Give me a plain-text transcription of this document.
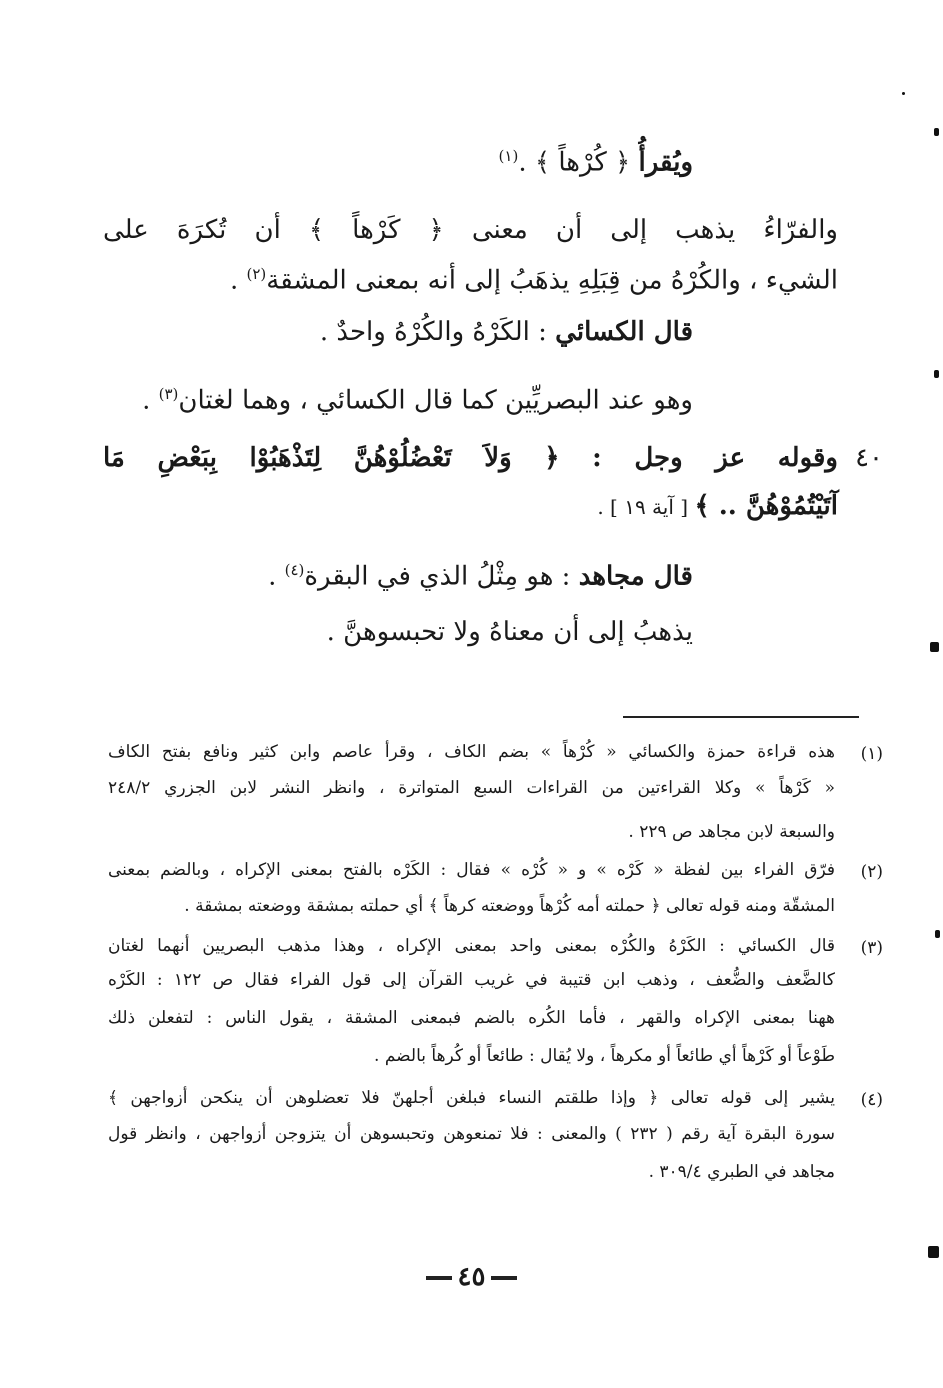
ويُقرأُ ﴿ كُرْهاً ﴾ .$^{(١)}$
والفرّاءُ يذهب إلى أن معنى ﴿ كَرْهاً ﴾ أن تُكرَهَ على
الشيء ، والكُرْهُ من قِبَلِهِ يذهَبُ إلى أنه بمعنى المشقة$^{(٢)}$ .
قال الكسائي : الكَرْهُ والكُرْهُ واحدٌ .
وهو عند البصريِّين كما قال الكسائي ، وهما لغتان$^{(٣)}$ .
٤٠
وقوله عز وجل : ﴿ وَلاَ تَعْضُلُوْهُنَّ لِتَذْهَبُوْا بِبَعْضِ مَا
آتَيْتُمُوْهُنَّ .. ﴾ [ آية ١٩ ] .
قال مجاهد : هو مِثْلُ الذي في البقرة$^{(٤)}$ .
يذهبُ إلى أن معناهُ ولا تحبسوهنَّ .
(١)
هذه قراءة حمزة والكسائي « كُرْهاً » بضم الكاف ، وقرأ عاصم وابن كثير ونافع بفتح الكاف
« كَرْهاً » وكلا القراءتين من القراءات السبع المتواترة ، وانظر النشر لابن الجزري ٢٤٨/٢
والسبعة لابن مجاهد ص ٢٢٩ .
(٢)
فرّق الفراء بين لفظة « كَرْه » و « كُرْه » فقال : الكَرْه بالفتح بمعنى الإكراه ، وبالضم بمعنى
المشقّة ومنه قوله تعالى ﴿ حملته أمه كُرْهاً ووضعته كرهاً ﴾ أي حملته بمشقة ووضعته بمشقة .
(٣)
قال الكسائي : الكَرْهُ والكُرْه بمعنى واحد بمعنى الإكراه ، وهذا مذهب البصريين أنهما لغتان
كالضَّعف والضُّعف ، وذهب ابن قتيبة في غريب القرآن إلى قول الفراء فقال ص ١٢٢ : الكَرْه
ههنا بمعنى الإكراه والقهر ، فأما الكُره بالضم فبمعنى المشقة ، يقول الناس : لتفعلن ذلك
طَوْعاً أو كَرْهاً أي طائعاً أو مكرهاً ، ولا يُقال : طائعاً أو كُرهاً بالضم .
(٤)
يشير إلى قوله تعالى ﴿ وإذا طلقتم النساء فبلغن أجلهنّ فلا تعضلوهن أن ينكحن أزواجهن ﴾
سورة البقرة آية رقم ( ٢٣٢ ) والمعنى : فلا تمنعوهن وتحبسوهن أن يتزوجن أزواجهن ، وانظر قول
مجاهد في الطبري ٣٠٩/٤ .
٤٥
